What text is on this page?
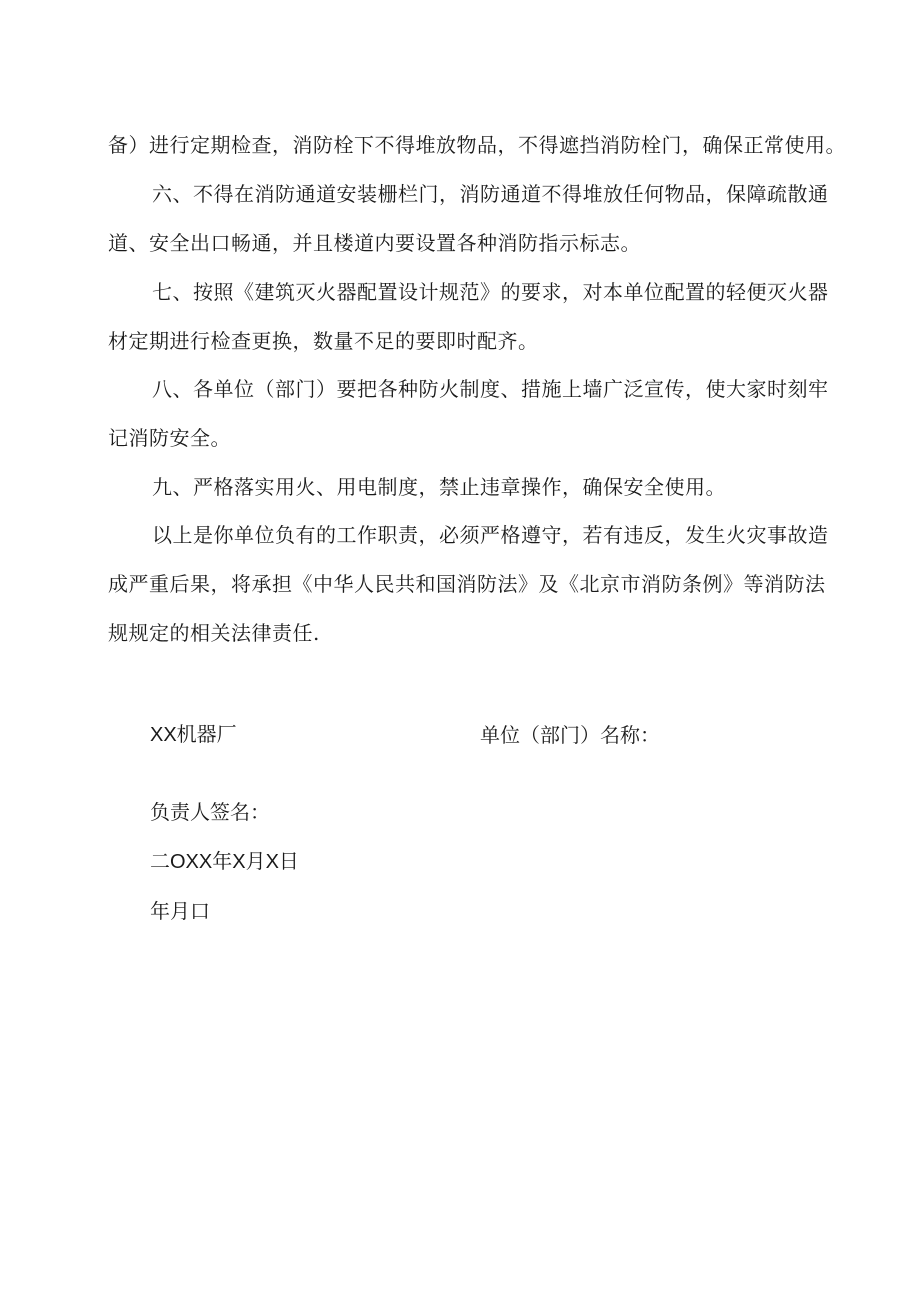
备）进行定期检查，消防栓下不得堆放物品，不得遮挡消防栓门，确保正常使用。
六、不得在消防通道安装栅栏门，消防通道不得堆放任何物品，保障疏散通
道、安全出口畅通，并且楼道内要设置各种消防指示标志。
七、按照《建筑灭火器配置设计规范》的要求，对本单位配置的轻便灭火器
材定期进行检查更换，数量不足的要即时配齐。
八、各单位（部门）要把各种防火制度、措施上墙广泛宣传，使大家时刻牢
记消防安全。
九、严格落实用火、用电制度，禁止违章操作，确保安全使用。
以上是你单位负有的工作职责，必须严格遵守，若有违反，发生火灾事故造
成严重后果，将承担《中华人民共和国消防法》及《北京市消防条例》等消防法
规规定的相关法律责任.
XX机器厂	单位（部门）名称：
负责人签名：
二OXX年X月X日
年月口
